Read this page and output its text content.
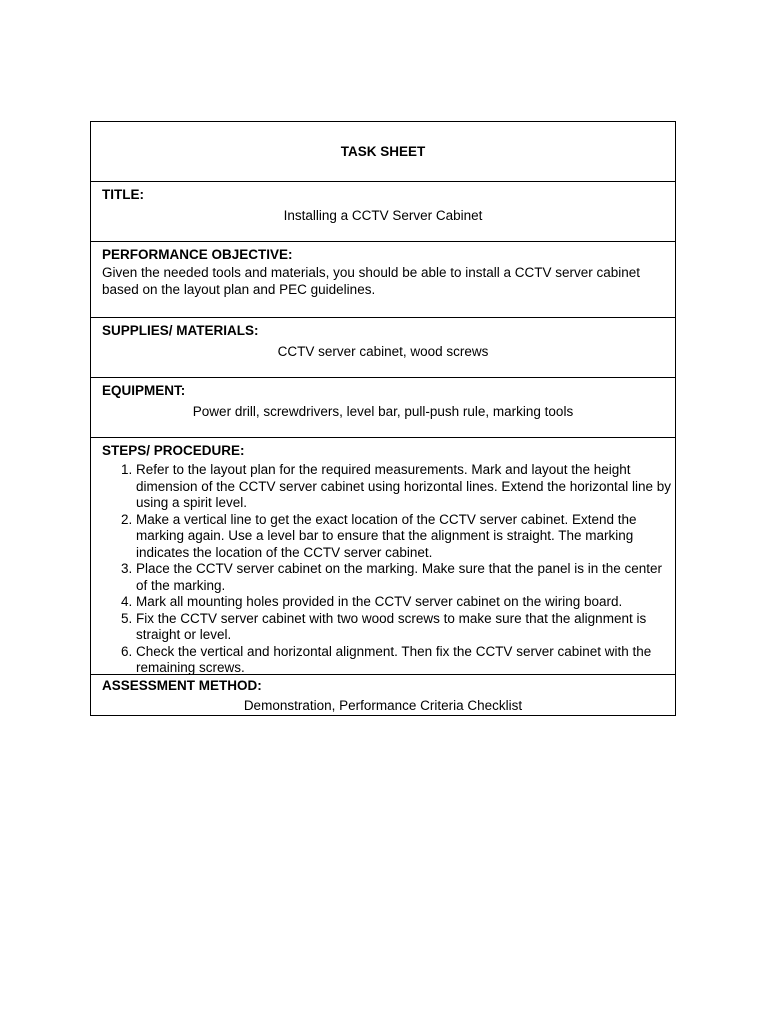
TASK SHEET
TITLE:
Installing a CCTV Server Cabinet
PERFORMANCE OBJECTIVE:
Given the needed tools and materials, you should be able to install a CCTV server cabinet based on the layout plan and PEC guidelines.
SUPPLIES/ MATERIALS:
CCTV server cabinet, wood screws
EQUIPMENT:
Power drill, screwdrivers, level bar, pull-push rule, marking tools
STEPS/ PROCEDURE:
1. Refer to the layout plan for the required measurements. Mark and layout the height dimension of the CCTV server cabinet using horizontal lines. Extend the horizontal line by using a spirit level.
2. Make a vertical line to get the exact location of the CCTV server cabinet. Extend the marking again. Use a level bar to ensure that the alignment is straight. The marking indicates the location of the CCTV server cabinet.
3. Place the CCTV server cabinet on the marking. Make sure that the panel is in the center of the marking.
4. Mark all mounting holes provided in the CCTV server cabinet on the wiring board.
5. Fix the CCTV server cabinet with two wood screws to make sure that the alignment is straight or level.
6. Check the vertical and horizontal alignment. Then fix the CCTV server cabinet with the remaining screws.
ASSESSMENT METHOD:
Demonstration, Performance Criteria Checklist
